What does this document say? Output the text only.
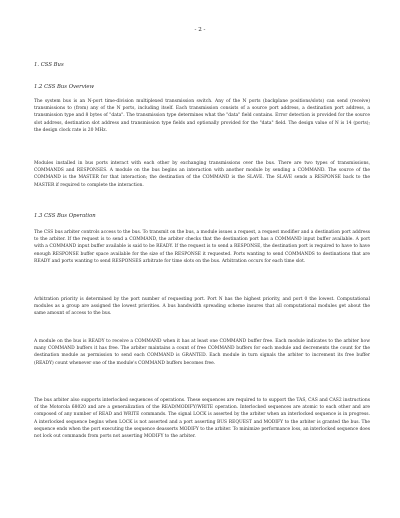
- 2 -
1. CSS Bus
1.2 CSS Bus Overview

The system bus is an N-port time-division multiplexed transmission switch. Any of the N ports (backplane positions/slots) can send (receive) transmissions to (from) any of the N ports, including itself. Each transmission consists of a source port address, a destination port address, a transmission type and 8 bytes of "data". The transmission type determines what the "data" field contains. Error detection is provided for the source slot address, destination slot address and transmission type fields and optionally provided for the "data" field. The design value of N is 14 (ports); the design clock rate is 20 MHz.

Modules installed in bus ports interact with each other by exchanging transmissions over the bus. There are two types of transmissions, COMMANDS and RESPONSES. A module on the bus begins an interaction with another module by sending a COMMAND. The source of the COMMAND is the MASTER for that interaction; the destination of the COMMAND is the SLAVE. The SLAVE sends a RESPONSE back to the MASTER if required to complete the interaction.

1.3 CSS Bus Operation

The CSS bus arbiter controls access to the bus. To transmit on the bus, a module issues a request, a request modifier and a destination port address to the arbiter. If the request is to send a COMMAND, the arbiter checks that the destination port has a COMMAND input buffer available. A port with a COMMAND input buffer available is said to be READY. If the request is to send a RESPONSE, the destination port is required to have to have enough RESPONSE buffer space available for the size of the RESPONSE it requested. Ports wanting to send COMMANDS to destinations that are READY and ports wanting to send RESPONSES arbitrate for time slots on the bus. Arbitration occurs for each time slot.

Arbitration priority is determined by the port number of requesting port. Port N has the highest priority, and port 0 the lowest. Computational modules as a group are assigned the lowest priorities. A bus bandwidth spreading scheme insures that all computational modules get about the same amount of access to the bus.

A module on the bus is READY to receive a COMMAND when it has at least one COMMAND buffer free. Each module indicates to the arbiter how many COMMAND buffers it has free. The arbiter maintains a count of free COMMAND buffers for each module and decrements the count for the destination module as permission to send each COMMAND is GRANTED. Each module in turn signals the arbiter to increment its free buffer (READY) count whenever one of the module's COMMAND buffers becomes free.

The bus arbiter also supports interlocked sequences of operations. These sequences are required to to support the TAS, CAS and CAS2 instructions of the Motorola 68020 and are a generalization of the READ/MODIFY/WRITE operation. Interlocked sequences are atomic to each other and are composed of any number of READ and WRITE commands. The signal LOCK is asserted by the arbiter when an interlocked sequence is in progress. A interlocked sequence begins when LOCK is not asserted and a port asserting BUS REQUEST and MODIFY to the arbiter is granted the bus. The sequence ends when the port executing the sequence deasserts MODIFY to the arbiter. To minimize performance loss, an interlocked sequence does not lock out commands from ports not asserting MODIFY to the arbiter.
